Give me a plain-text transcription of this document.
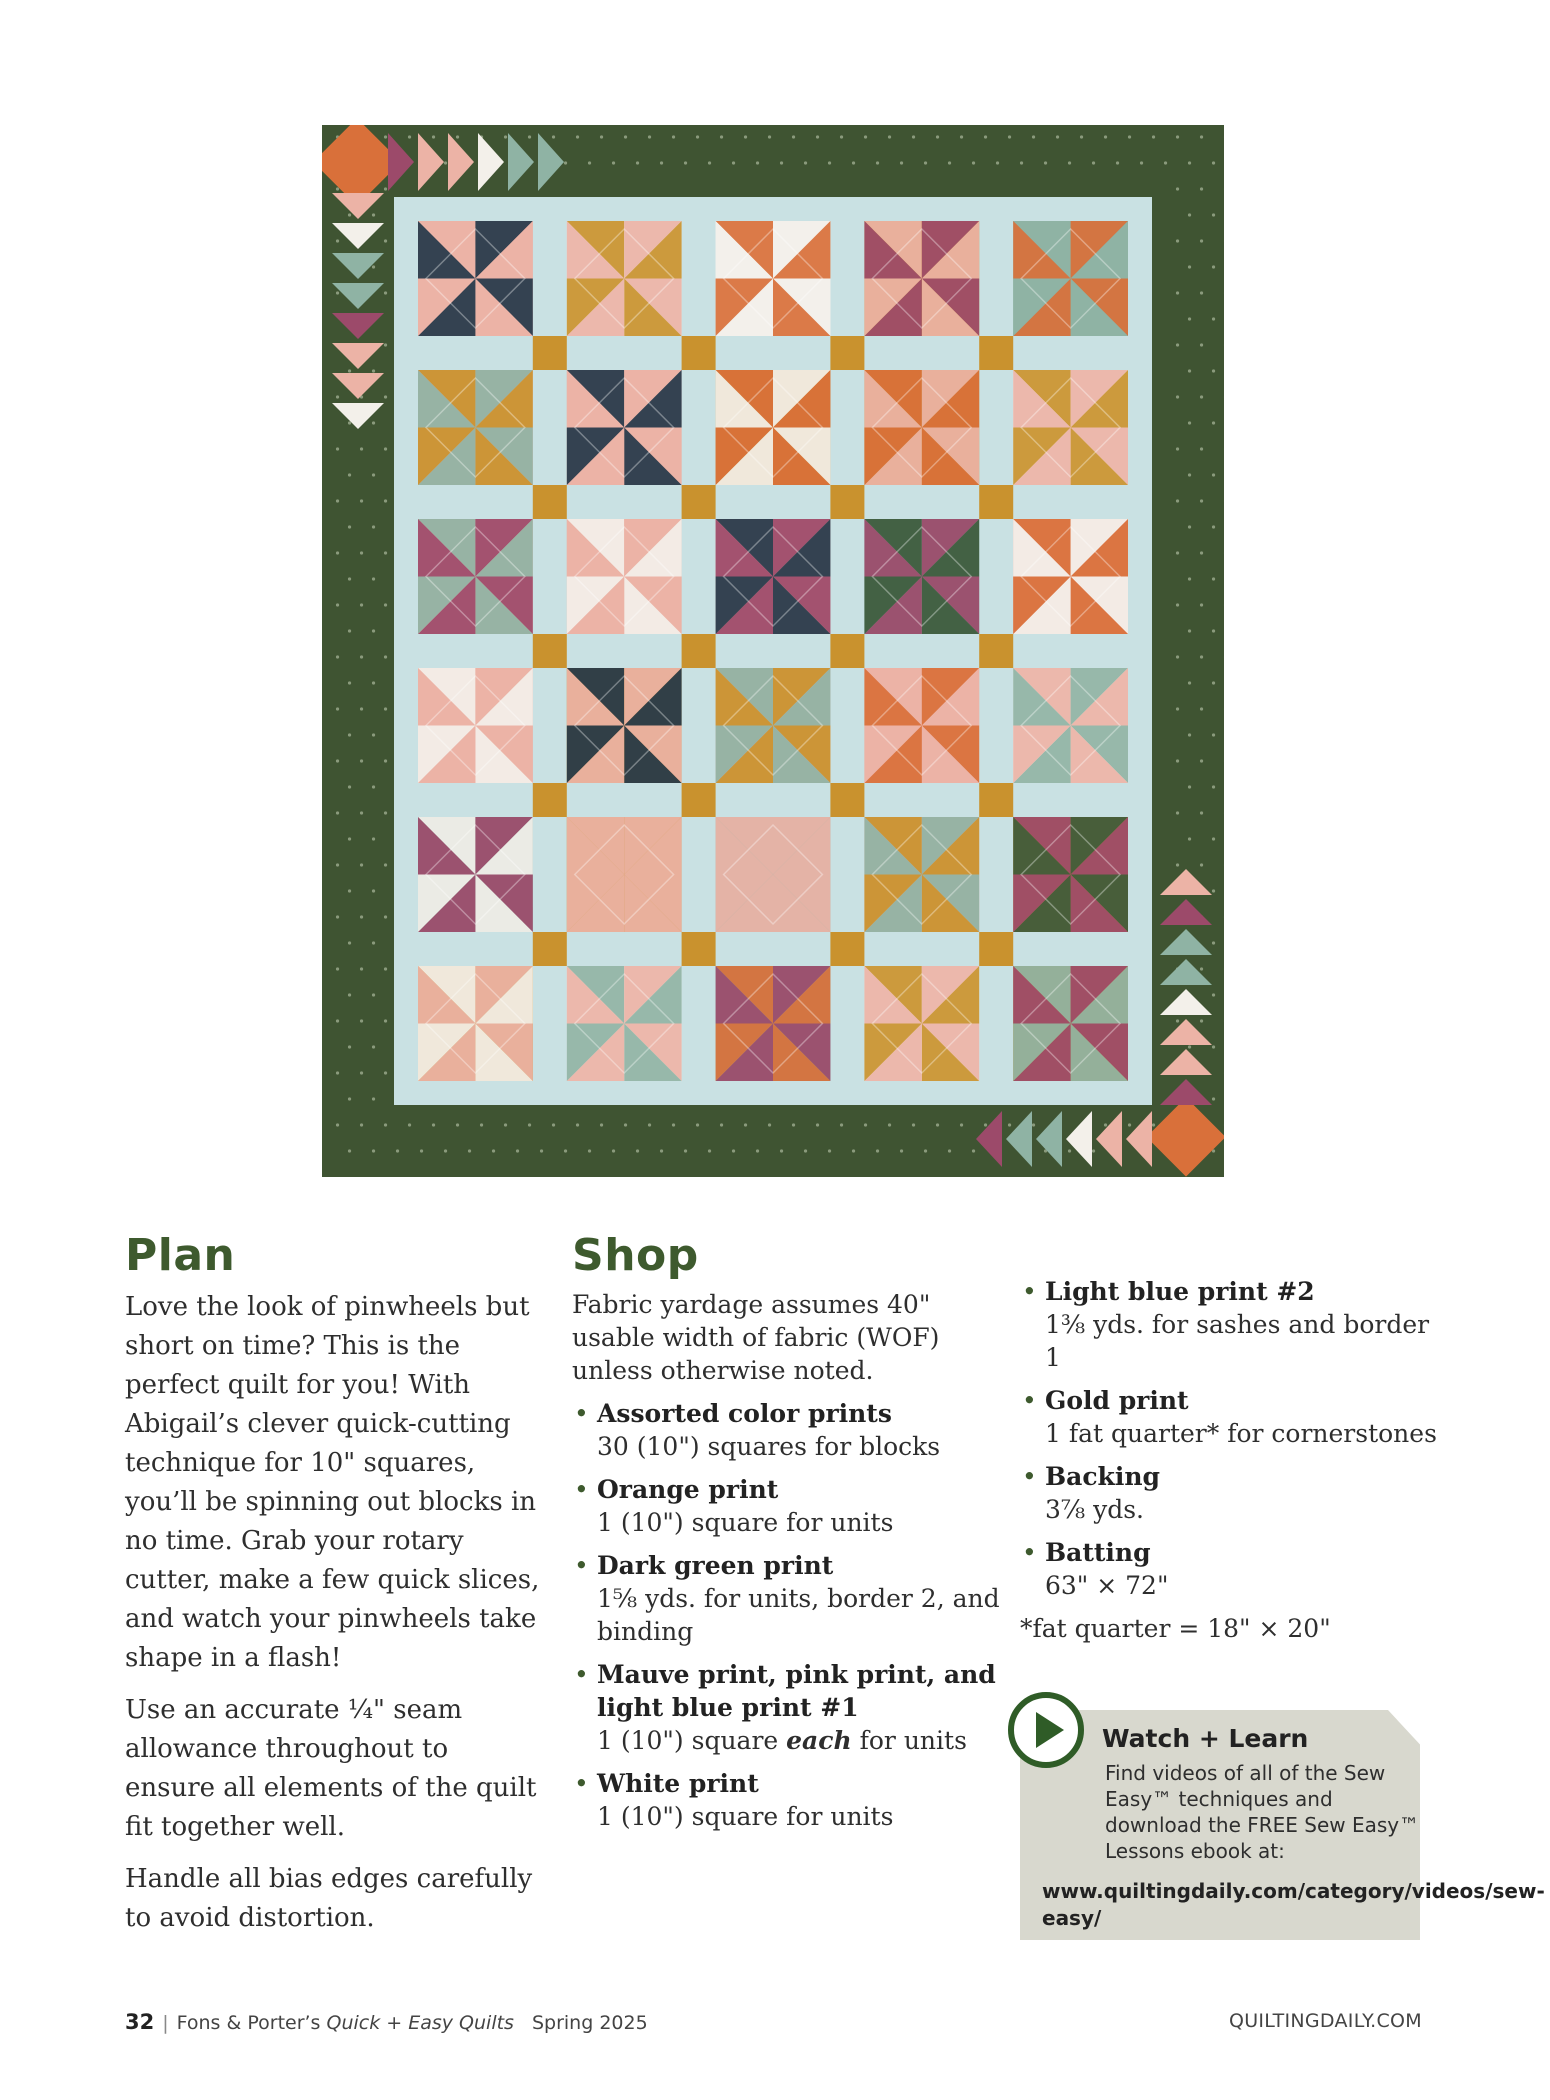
Plan

Love the look of pinwheels but short on time? This is the perfect quilt for you! With Abigail’s clever quick-cutting technique for 10" squares, you’ll be spinning out blocks in no time. Grab your rotary cutter, make a few quick slices, and watch your pinwheels take shape in a flash!

Use an accurate ¼" seam allowance throughout to ensure all elements of the quilt fit together well.

Handle all bias edges carefully to avoid distortion.

Shop

Fabric yardage assumes 40" usable width of fabric (WOF) unless otherwise noted.

• Assorted color prints
30 (10") squares for blocks
• Orange print
1 (10") square for units
• Dark green print
1⅝ yds. for units, border 2, and binding
• Mauve print, pink print, and light blue print #1
1 (10") square each for units
• White print
1 (10") square for units
• Light blue print #2
1⅜ yds. for sashes and border 1
• Gold print
1 fat quarter* for cornerstones
• Backing
3⅞ yds.
• Batting
63" × 72"
*fat quarter = 18" × 20"
Watch + Learn
Find videos of all of the Sew Easy™ techniques and download the FREE Sew Easy™ Lessons ebook at:
www.quiltingdaily.com/category/videos/sew-easy/
32 | Fons & Porter’s Quick + Easy Quilts Spring 2025	QUILTINGDAILY.COM
